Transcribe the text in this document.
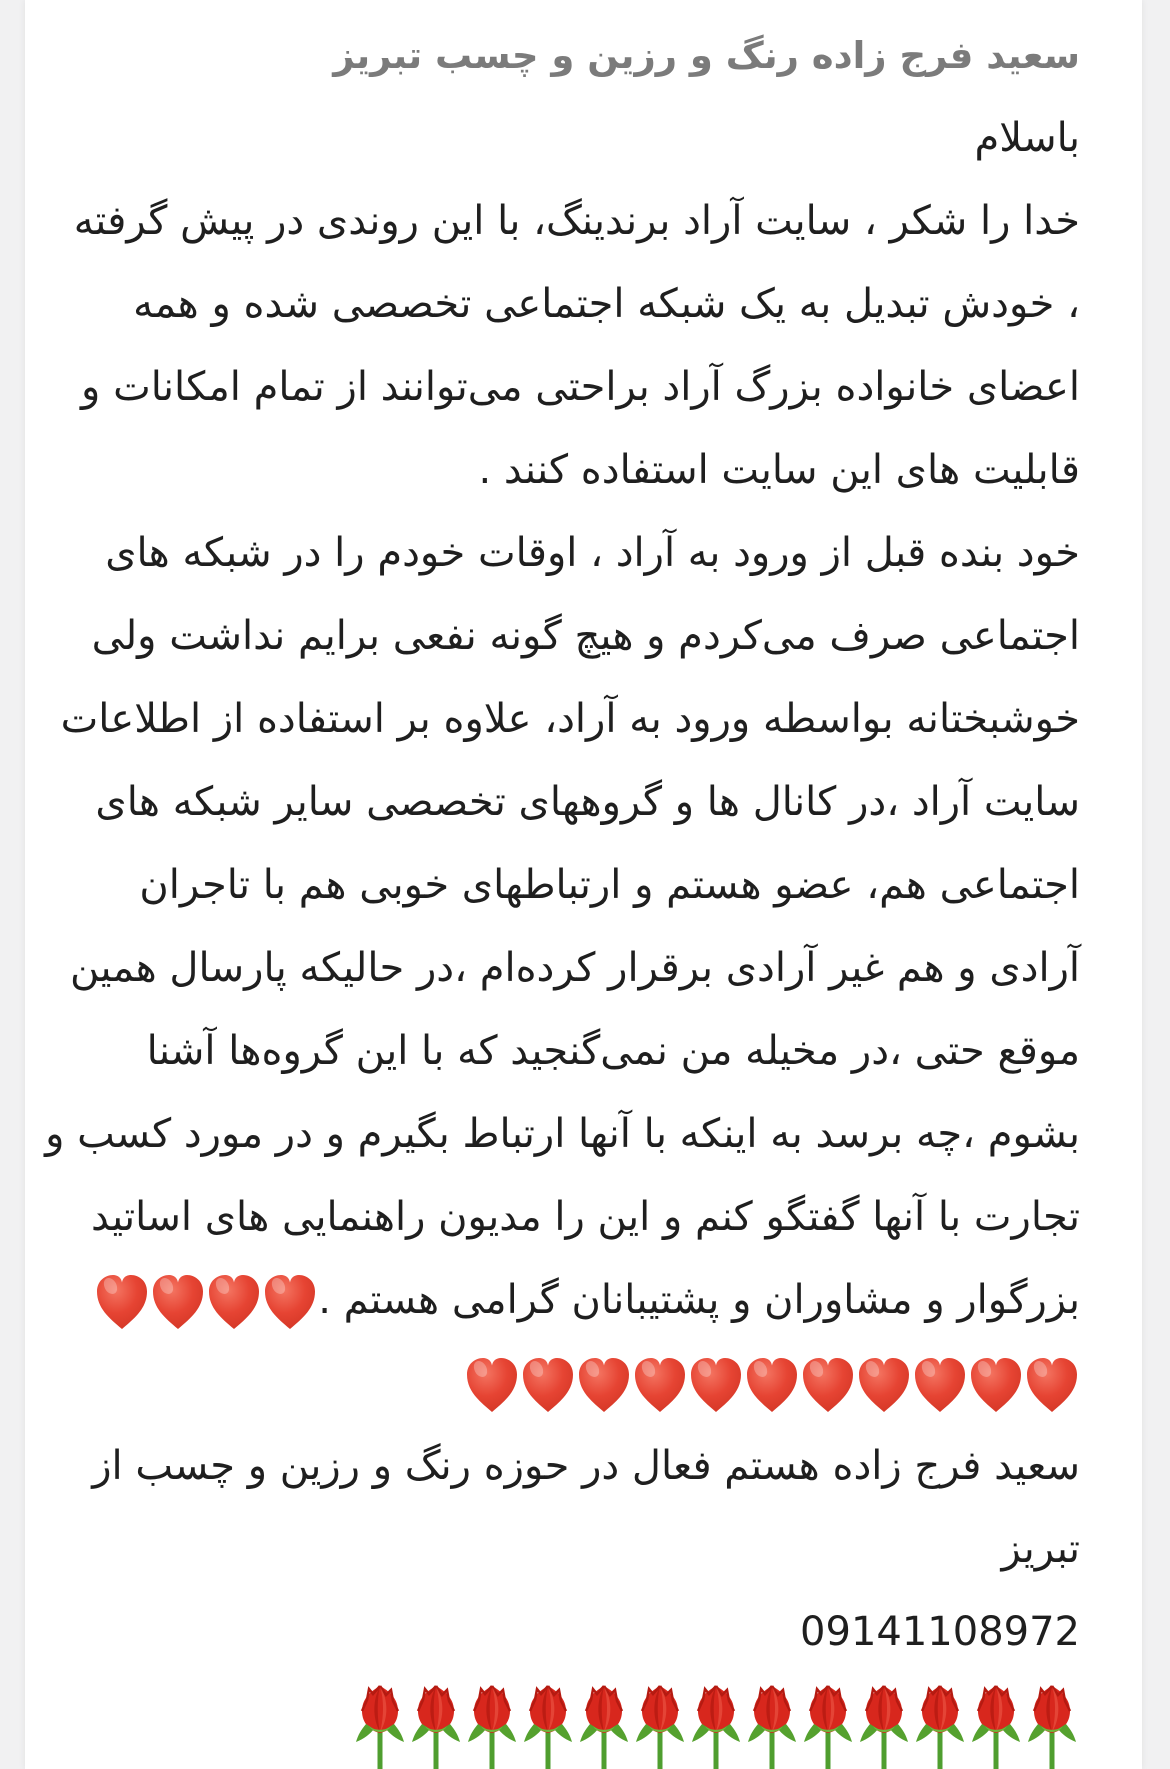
سعید فرج زاده رنگ و رزین و چسب تبریز
باسلام
خدا را شکر ، سایت آراد برندینگ، با این روندی در پیش گرفته
، خودش تبدیل به یک شبکه اجتماعی تخصصی شده و همه
اعضای خانواده بزرگ آراد براحتی می‌توانند از تمام امکانات و
قابلیت های این سایت استفاده کنند .
خود بنده قبل از ورود به آراد ، اوقات خودم را در شبکه های
اجتماعی صرف می‌کردم و هیچ گونه نفعی برایم نداشت ولی
خوشبختانه بواسطه ورود به آراد، علاوه بر استفاده از اطلاعات
سایت آراد ،در کانال ها و گروههای تخصصی سایر شبکه های
اجتماعی هم، عضو هستم و ارتباطهای خوبی هم با تاجران
آرادی و هم غیر آرادی برقرار کرده‌ام ،در حالیکه پارسال همین
موقع حتی ،در مخیله من نمی‌گنجید که با این گروه‌ها آشنا
بشوم ،چه برسد به اینکه با آنها ارتباط بگیرم و در مورد کسب و
تجارت با آنها گفتگو کنم و این را مدیون راهنمایی های اساتید
بزرگوار و مشاوران و پشتیبانان گرامی هستم .
سعید فرج زاده هستم فعال در حوزه رنگ و رزین و چسب از
تبریز
09141108972
